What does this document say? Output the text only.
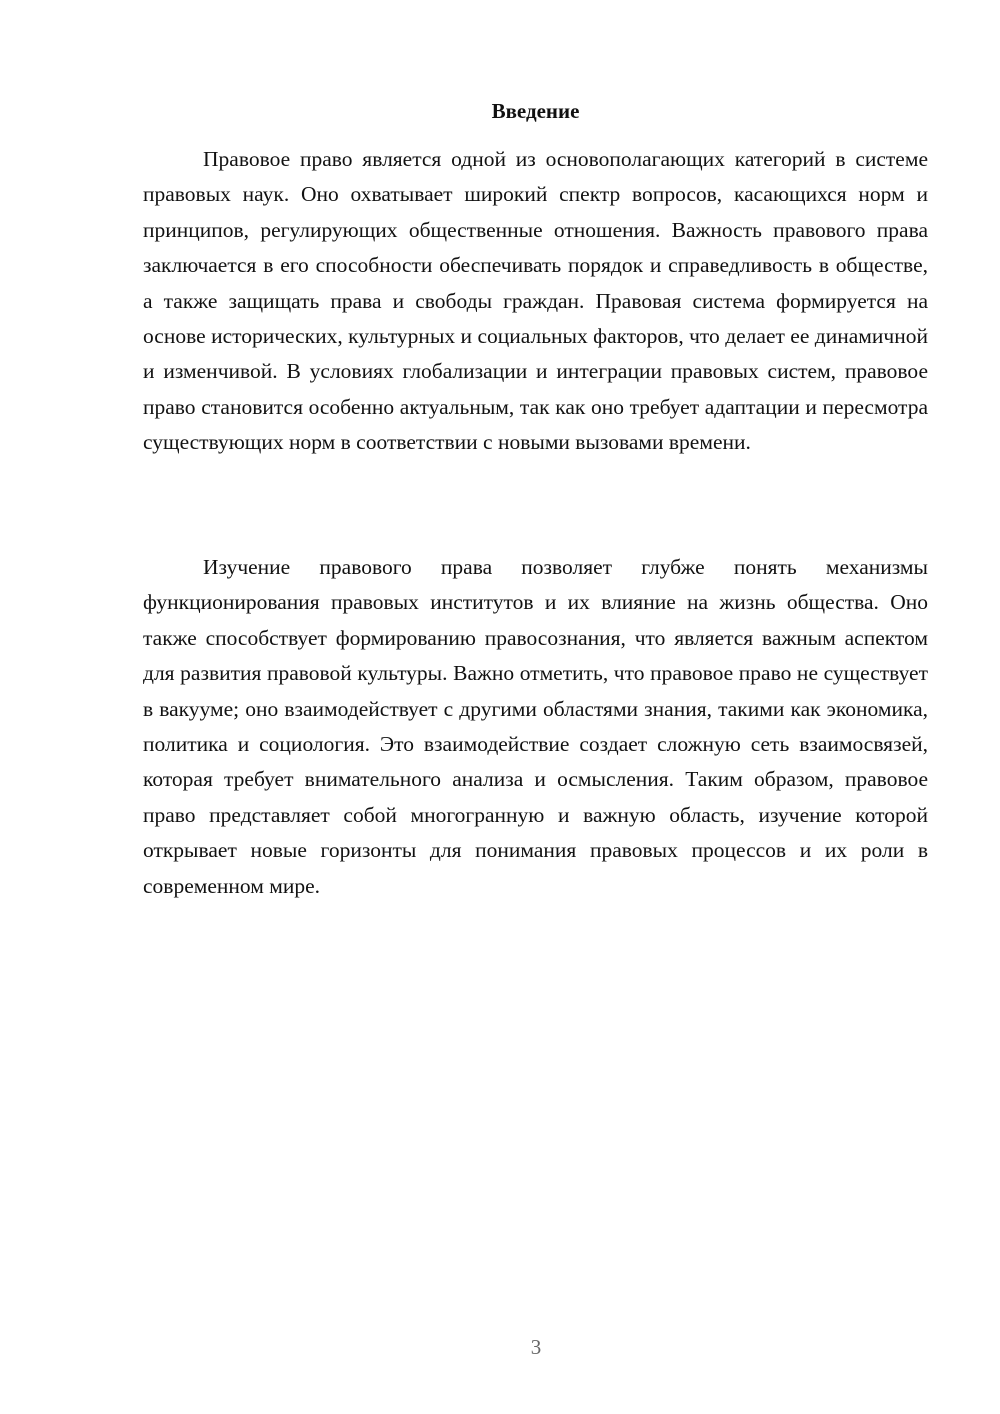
Введение

Правовое право является одной из основополагающих категорий в системе правовых наук. Оно охватывает широкий спектр вопросов, касающихся норм и принципов, регулирующих общественные отношения. Важность правового права заключается в его способности обеспечивать порядок и справедливость в обществе, а также защищать права и свободы граждан. Правовая система формируется на основе исторических, культурных и социальных факторов, что делает ее динамичной и изменчивой. В условиях глобализации и интеграции правовых систем, правовое право становится особенно актуальным, так как оно требует адаптации и пересмотра существующих норм в соответствии с новыми вызовами времени.

Изучение правового права позволяет глубже понять механизмы функционирования правовых институтов и их влияние на жизнь общества. Оно также способствует формированию правосознания, что является важным аспектом для развития правовой культуры. Важно отметить, что правовое право не существует в вакууме; оно взаимодействует с другими областями знания, такими как экономика, политика и социология. Это взаимодействие создает сложную сеть взаимосвязей, которая требует внимательного анализа и осмысления. Таким образом, правовое право представляет собой многогранную и важную область, изучение которой открывает новые горизонты для понимания правовых процессов и их роли в современном мире.

3
